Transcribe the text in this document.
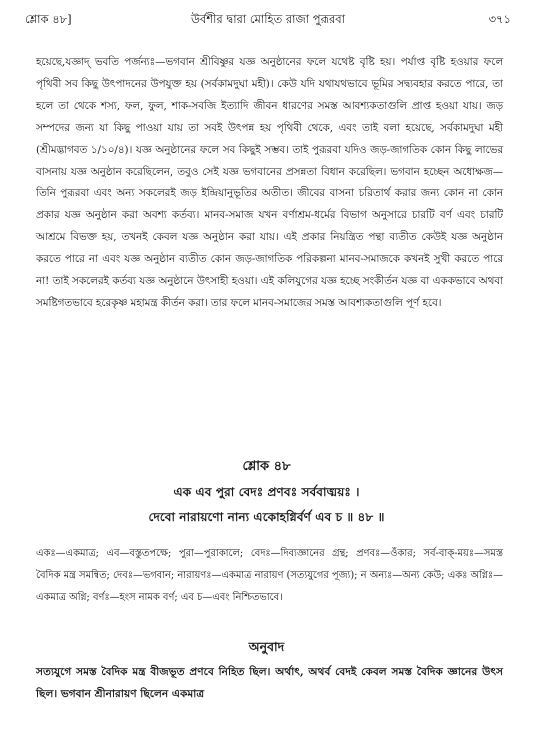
শ্লোক ৪৮]	উর্বশীর দ্বারা মোহিত রাজা পুরূরবা	৩৭১

হয়েছে,যজ্ঞাদ্ ভবতি পর্জন্যঃ—ভগবান শ্রীবিষ্ণুর যজ্ঞ অনুষ্ঠানের ফলে যথেষ্ট বৃষ্টি হয়। পর্যাপ্ত বৃষ্টি হওয়ার ফলে পৃথিবী সব কিছু উৎপাদনের উপযুক্ত হয় (সর্বকামদুঘা মহী)। কেউ যদি যথাযথভাবে ভূমির সদ্ব্যবহার করতে পারে, তা হলে তা থেকে শস্য, ফল, ফুল, শাক-সবজি ইত্যাদি জীবন ধারণের সমস্ত আবশ্যকতাগুলি প্রাপ্ত হওয়া যায়। জড় সম্পদের জন্য যা কিছু পাওয়া যায় তা সবই উৎপন্ন হয় পৃথিবী থেকে, এবং তাই বলা হয়েছে, সর্বকামদুঘা মহী (শ্রীমদ্ভাগবত ১/১০/৪)। যজ্ঞ অনুষ্ঠানের ফলে সব কিছুই সম্ভব। তাই পুরূরবা যদিও জড়-জাগতিক কোন কিছু লাভের বাসনায় যজ্ঞ অনুষ্ঠান করেছিলেন, তবুও সেই যজ্ঞ ভগবানের প্রসন্নতা বিধান করেছিল। ভগবান হচ্ছেন অধোক্ষজ—তিনি পুরূরবা এবং অন্য সকলেরই জড় ইন্দ্রিয়ানুভূতির অতীত। জীবের বাসনা চরিতার্থ করার জন্য কোন না কোন প্রকার যজ্ঞ অনুষ্ঠান করা অবশ্য কর্তব্য। মানব-সমাজ যখন বর্ণাশ্রম-ধর্মের বিভাগ অনুসারে চারটি বর্ণ এবং চারটি আশ্রমে বিভক্ত হয়, তখনই কেবল যজ্ঞ অনুষ্ঠান করা যায়। এই প্রকার নিয়ন্ত্রিত পন্থা ব্যতীত কেউই যজ্ঞ অনুষ্ঠান করতে পারে না এবং যজ্ঞ অনুষ্ঠান ব্যতীত কোন জড়-জাগতিক পরিকল্পনা মানব-সমাজকে কখনই সুখী করতে পারে না! তাই সকলেরই কর্তব্য যজ্ঞ অনুষ্ঠানে উৎসাহী হওয়া। এই কলিযুগের যজ্ঞ হচ্ছে সংকীর্তন যজ্ঞ বা এককভাবে অথবা সমষ্টিগতভাবে হরেকৃষ্ণ মহামন্ত্র কীর্তন করা। তার ফলে মানব-সমাজের সমস্ত আবশ্যকতাগুলি পূর্ণ হবে।

শ্লোক ৪৮
এক এব পুরা বেদঃ প্রণবঃ সর্ববাঙ্ময়ঃ ।
দেবো নারায়ণো নান্য একোহগ্নির্বর্ণ এব চ ॥ ৪৮ ॥

একঃ—একমাত্র; এব—বস্তুতপক্ষে; পুরা—পুরাকালে; বেদঃ—দিব্যজ্ঞানের গ্রন্থ; প্রণবঃ—ওঁকার; সর্ব-বাক্-ময়ঃ—সমস্ত বৈদিক মন্ত্র সমন্বিত; দেবঃ—ভগবান; নারায়ণঃ—একমাত্র নারায়ণ (সত্যযুগের পূজ্য); ন অন্যঃ—অন্য কেউ; একঃ অগ্নিঃ—একমাত্র অগ্নি; বর্ণঃ—হংস নামক বর্ণ; এব চ—এবং নিশ্চিতভাবে।

অনুবাদ

সত্যযুগে সমস্ত বৈদিক মন্ত্র বীজভূত প্রণবে নিহিত ছিল। অর্থাৎ, অথর্ব বেদই কেবল সমস্ত বৈদিক জ্ঞানের উৎস ছিল। ভগবান শ্রীনারায়ণ ছিলেন একমাত্র
